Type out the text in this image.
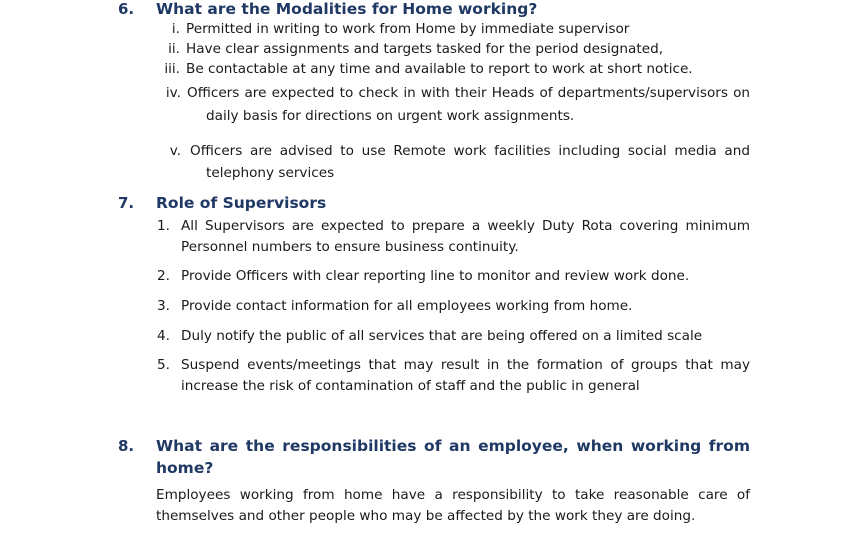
6. What are the Modalities for Home working?
i. Permitted in writing to work from Home by immediate supervisor
ii. Have clear assignments and targets tasked for the period designated,
iii. Be contactable at any time and available to report to work at short notice.
iv. Officers are expected to check in with their Heads of departments/supervisors on
daily basis for directions on urgent work assignments.
v. Officers are advised to use Remote work facilities including social media and
telephony services
7. Role of Supervisors
1. All Supervisors are expected to prepare a weekly Duty Rota covering minimum
Personnel numbers to ensure business continuity.
2. Provide Officers with clear reporting line to monitor and review work done.
3. Provide contact information for all employees working from home.
4. Duly notify the public of all services that are being offered on a limited scale
5. Suspend events/meetings that may result in the formation of groups that may
increase the risk of contamination of staff and the public in general
8. What are the responsibilities of an employee, when working from
home?
Employees working from home have a responsibility to take reasonable care of
themselves and other people who may be affected by the work they are doing.
